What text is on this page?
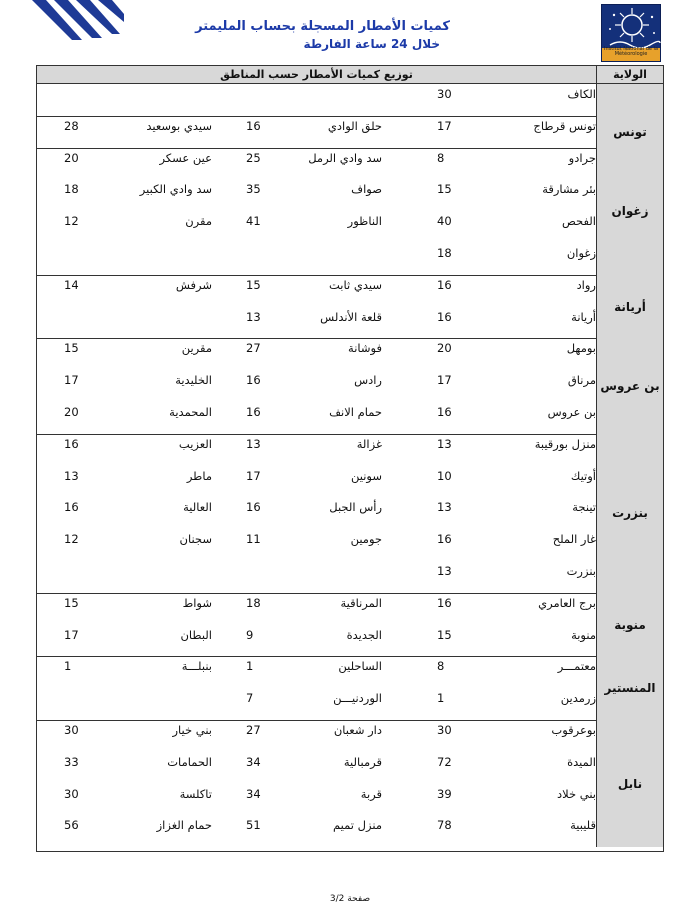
Institut National de la Météorologie
كميات الأمطار المسجلة بحساب المليمتر
خلال 24 ساعة الفارطة
الولاية
توزيع كميات الأمطار حسب المناطق
الكاف
30
تونس
تونس قرطاج
17
حلق الوادي
16
سيدي بوسعيد
28
زغوان
جرادو
8
سد وادي الرمل
25
عين عسكر
20
بئر مشارقة
15
صواف
35
سد وادي الكبير
18
الفحص
40
الناظور
41
مقرن
12
زغوان
18
أريانة
رواد
16
سيدي ثابت
15
شرفش
14
أريانة
16
قلعة الأندلس
13
بن عروس
بومهل
20
فوشانة
27
مقرين
15
مرناق
17
رادس
16
الخليدية
17
بن عروس
16
حمام الانف
16
المحمدية
20
بنزرت
منزل بورقيبة
13
غزالة
13
العزيب
16
أوتيك
10
سونين
17
ماطر
13
تينجة
13
رأس الجبل
16
العالية
16
غار الملح
16
جومين
11
سجنان
12
بنزرت
13
منوبة
برج العامري
16
المرناقية
18
شواط
15
منوبة
15
الجديدة
9
البطان
17
المنستير
معتمـــر
8
الساحلين
1
بنبلـــة
1
زرمدين
1
الوردنيـــن
7
نابل
بوعرقوب
30
دار شعبان
27
بني خيار
30
الميدة
72
قرمبالية
34
الحمامات
33
بني خلاد
39
قربة
34
تاكلسة
30
قليبية
78
منزل تميم
51
حمام الغزاز
56
صفحة 3/2
